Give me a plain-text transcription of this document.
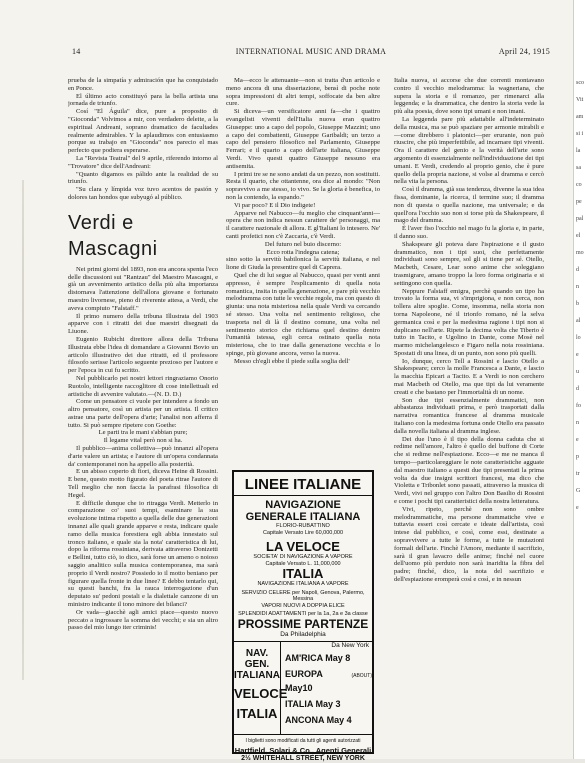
14	INTERNATIONAL MUSIC AND DRAMA	April 24, 1915

prueba de la simpatía y admiración que ha conquistado en Ponce.

El último acto constituyó para la bella artista una jornada de triunfo.

Cosí "El Águila" dice, pure a proposito di "Gioconda" Volvimos a mir, con verdadero deleite, a la espiritual Andreani, soprano dramatico de facultades realmente admirables. Y la aplaudimos con entusiasmo porque su trabajo en "Gioconda" nos parecio el mas perfecto que podiera esperarse.

La "Revista Teatral" del 9 aprile, riferendo intorno al "Trovatore" dice dell'Andreani:

"Quanto digamos es pálido ante la realidad de su triunfo.

"Su clara y límpida voz tuvo acentos de pasión y dolores tan hondos que subyugó al público.

Verdi e Mascagni

Nei primi giorni del 1893, non era ancora spenta l'eco delle discussioni sui "Rantzau" del Maestro Mascagni, e già un avvenimento artistico della più alta importanza distornava l'attenzione dell'allora giovane e fortunato maestro livornese, pieno di riverente attesa, a Verdi, che aveva compiuto "Falstaff."

Il primo numero della tribuna Illustrata del 1903 apparve con i ritratti dei due maestri disegnati da Liuone.

Eugenio Rubichi direttore allora della Tribuna Illustrata ebbe l'idea di domandare a Giovanni Bovio un articolo illustrativo dei due ritratti, ed il professore filosofo serisse l'articolo seguente prezioso per l'autore e per l'epoca in cui fu scritto.

Nel pubblicarlo pei nostri lettori ringraziamo Onorio Ruotolo, intelligente raccoglitore di cose intellettuali ed artistiche di avvenire valutato.—(N. D. D.)

Come un pensatore ci vuole per intendere a fondo un altro pensatore, così un artista per un artista. Il critico astrae una parte dell'opera d'arte; l'analisi non afferra il tutto. Si può sempre ripetere con Goethe:

Le parti tra le mani s'abbian pure;

Il legame vital però non si ha.

Il pubblico—anima collettiva—può innanzi all'opera d'arte valere un artista; e l'autore di un'opera condannata da' contemporanei non ha appello alla posterità.

E un abisso coperto di fiori, diceva Heine di Rossini. E bene, questo motto figurato del poeta ritrae l'autore di Tell meglio che non faccia la parafrasi filosofica di Hegel.

E difficile dunque che io ritragga Verdi. Metterlo in comparazione co' suoi tempi, esaminare la sua evoluzione intima rispetto a quella delle due generazioni innanzi alle quali grande apparve e resta, indicare quale ramo della musica forestiera egli abbia innestato sul tronco italiano, e quale sia la nota' caratteristica di lui, dopo la riforma rossiniana, derivata attraverso Donizetti e Bellini, tutto ciò, io dico, sarà forse un ameno o noioso saggio analitico sulla musica contemporanea, ma sarà proprio il Verdi nostro? Possiedo io il motto beniano per figurare quella fronte in due linee? E debbo tentarlo qui, su questi banchi, fra la rauca interrogazione d'un deputato su' pedoni postali e la dialettale canzone di un ministro indicante il tono minore dei bilanci?

Or vada—giacchè agli amici piace—questo nuovo peccato a ingrossare la somma dei vecchi; e sia un altro passo del mio lungo iter criminis!

Ma—ecco le attenuante—non si tratta d'un articolo e meno ancora di una dissertazione, bensì di poche note sopra impressioni di altri tempi, soffocate da ben altre cure.

Si diceva—un versificatore anni fa—che i quattro evangelisti viventi dell'Italia nuova eran quattro Giuseppe: uno a capo del popolo, Giuseppe Mazzini; uno a capo dei combattenti, Giuseppe Garibaldi; un terzo a capo del pensiero filosofico nel Parlamento, Giuseppe Ferrari; e il quarto a capo dell'arte italiana, Giuseppe Verdi. Vivo questi quattro Giuseppe nessuno era antisemita.

I primi tre se ne sono andati da un pezzo, non sostituiti. Resta il quarto, che ottantenne, ora dice al mondo: "Non sopravvivo a me stesso, io vivo. Se la gloria è benefica, io non la contendo, la espando."

Vi par poco? E il Dio indigete!

Apparve nel Nabucco—fu meglio che cinquant'anni—opera che non indica nessun carattere de' personaggi, ma il carattere nazionale di allora. E gl'Italiani lo intesero. Ne' canti profetici non c'è Zaccaria, c'è Verdi.

Del futuro nel buio discerno:

Ecco rotta l'indegna catena;

sino sotto la servitù babilonica la servitù italiana, e nel lione di Giuda la presentire quel di Caprera.

Quel che di lui segue al Nabucco, quasi per venti anni appresso, è sempre l'esplicamento di quella nota romantica, insita in quella generazione, e pare più vecchio melodramma con tutte le vecchie regole, ma con questo di giunta: una nota misteriosa nella quale Verdi va cercando sé stesso. Una volta nel sentimento religioso, che trasporta nel di là il destino comune, una volta nel sentimento storico che richiama quel destino dentro l'umanità istessa, egli cerca ostinato quella nota misteriosa, che io trae dalla generazione vecchia e lo spinge, più giovane ancora, verso la nuova.

Messo ch'egli ebbe il piede sulla soglia dell'

LINEE ITALIANE
NAVIGAZIONE GENERALE ITALIANA
FLORIO-RUBATTINO
Capitale Versato Lire 60,000,000
LA VELOCE
SOCIETA' DI NAVIGAZIONE A VAPORE
Capitale Versato L. 11,000,000
ITALIA
NAVIGAZIONE ITALIANA A VAPORE
SERVIZIO CELERE per Napoli, Genova, Palermo, Messina
VAPORI NUOVI A DOPPIA ELICE
SPLENDIDI ADATTAMENTI per la 1a, 2a e 3a classe
PROSSIME PARTENZE
Da Philadelphia
NAV. GEN. ITALIANA
VELOCE
ITALIA
Da New York
AM'RICA May 8
EUROPA May10
(ABOUT)
ITALIA May 3
ANCONA May 4
I biglietti sono modificati da tutti gli agenti autorizzati
Hartfield, Solari & Co., Agenti Generali
2½ WHITEHALL STREET, NEW YORK

Italia nuova, si accorse che due correnti montavano contro il vecchio melodramma: la wagneriana, che supera la storia e il romanzo, per rimenarci alla leggenda; e la drammatica, che dentro la storia vede la più alta poesia, dove sono tipi umani e non imani.

La leggenda pare più adattabile all'indeterminato della musica, ma se può spaziare per armonie mirabili e—come direbbero i platonici—per eruranie, non può riuscire, che più imperfettibile, ad incarnare tipi viventi. Ora il carattere del genio e la verità dell'arte sono argomento di essenzialmente nell'individuazione dei tipi umani. E Verdi, credendo al proprio genio, che è pure quello della propria nazione, si volse al dramma e cercò nella vita la persona.

Così il dramma, già sua tendenza, divenne la sua idea fissa, dominante, la ricerca, il termine suo; il dramma non di questa o quella nazione, ma universale; e da quell'ora l'occhio suo non si torse più da Shakespeare, il mago del dramma.

È l'aver fiso l'occhio nel mago fu la gloria e, in parte, il danno suo.

Shakspeare gli poteva dare l'ispirazione e il gusto drammatico, non i tipi suoi, che perfettamente individuati sono sempre, sol gli si tiene per sé. Otello, Macbeth, Cesare, Lear sono anime che soleggiano trasmigrare, amano troppo la loro forma originaria e si settingono con quella.

Neppure Falstaff emigra, perchè quando un tipo ha trovato la forma sua, vi s'imprigiona, e non cerca, non tollera altre spoglie. Come, insomma, nella storia non torna Napoleone, né il trionfo romano, né la selva germanica così e per la medesima ragione i tipi non si duplicano nell'arte. Ripete la decima volta che Tiberio è tutto in Tacito, e Ugolino in Dante, come Mosè nel marmo michelangelesco e Figaro nella nota rossiniana. Spostati di una linea, di un punto, non sono più quelli.

Io, dunque, cerco Tell a Rossini e lascio Otello a Shakespeare; cerco la molle Francesca a Dante, e lascio la macchia Epicari a Tacito. E a Verdi io non cerchero mai Macbeth od Otello, ma que tipi da lui veramente creati e che bastano per l'immortalità di un nome.

Son due tipi essenzialmente drammatici, non abbastanza individuati prima, e però trasportati dalla narrativa romantica francese al dramma musicale italiano con la medesima fortuna onde Otello era passato dalla novella italiana al dramma inglese.

Dei due l'uno è il tipo della donna caduta che si redime nell'amore, l'altro è quello del buffone di Corte che si redime nell'espiazione. Ecco—e me ne manca il tempo—particolareggiare le note caratteristiche agguate dal maestro italiano a questi due tipi presentati la prima volta da due insigni scrittori francesi, ma dico che Violetta e Tribonlet sono passati, attraverso la musica di Verdi, vivi nel gruppo con l'altro Don Basilio di Rossini e come i pochi tipi caratteristici della nostra letteratura.

Vivi, ripeto, perchè non sono ombre melodrammatiche, ma persone drammatiche vive e tuttavia esseri così cercate e ideate dall'artista, così intese dal pubblico, e così, come essi, destinate a sopravvivere a tutte le forme, a tutte le mutazioni formali dell'arte. Finchè l'Amore, mediante il sacrifizio, sarà il gran lavacro delle anime; finché nel cuore dell'uomo più perduto non sarà inaridita la fibra del padre; finché, dico, la nota del sacrifizio e dell'espiazione eromperà così e così, e in nessun

sco
Vit
am
si i
la
sa
co
pe
pal
el
mo
d
n
b
al
lo
e
u
d
fo
n
e
p
tr
G
e
